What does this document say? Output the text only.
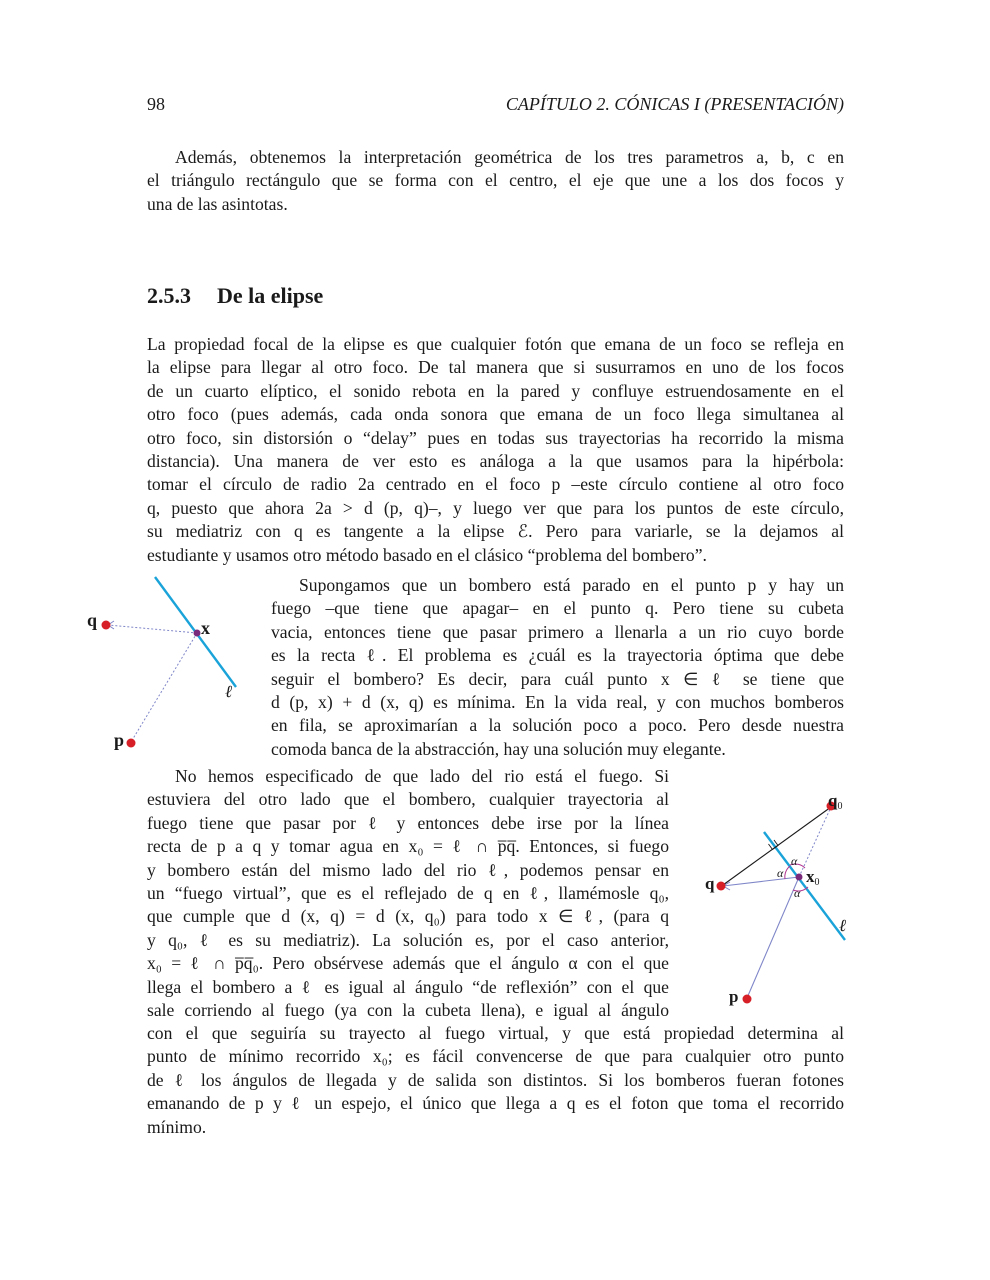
98	CAPÍTULO 2. CÓNICAS I (PRESENTACIÓN)
Además, obtenemos la interpretación geométrica de los tres parametros a, b, c en
el triángulo rectángulo que se forma con el centro, el eje que une a los dos focos y
una de las asintotas.
2.5.3 De la elipse
La propiedad focal de la elipse es que cualquier fotón que emana de un foco se refleja en
la elipse para llegar al otro foco. De tal manera que si susurramos en uno de los focos
de un cuarto elíptico, el sonido rebota en la pared y confluye estruendosamente en el
otro foco (pues además, cada onda sonora que emana de un foco llega simultanea al
otro foco, sin distorsión o “delay” pues en todas sus trayectorias ha recorrido la misma
distancia). Una manera de ver esto es análoga a la que usamos para la hipérbola:
tomar el círculo de radio 2a centrado en el foco p –este círculo contiene al otro foco
q, puesto que ahora 2a > d (p, q)–, y luego ver que para los puntos de este círculo,
su mediatriz con q es tangente a la elipse ℰ. Pero para variarle, se la dejamos al
estudiante y usamos otro método basado en el clásico “problema del bombero”.
q	x
p
ℓ
Supongamos que un bombero está parado en el punto p y hay un
fuego –que tiene que apagar– en el punto q. Pero tiene su cubeta
vacia, entonces tiene que pasar primero a llenarla a un rio cuyo borde
es la recta ℓ. El problema es ¿cuál es la trayectoria óptima que debe
seguir el bombero? Es decir, para cuál punto x ∈ ℓ se tiene que
d (p, x) + d (x, q) es mínima. En la vida real, y con muchos bomberos
en fila, se aproximarían a la solución poco a poco. Pero desde nuestra
comoda banca de la abstracción, hay una solución muy elegante.
No hemos especificado de que lado del rio está el fuego. Si
estuviera del otro lado que el bombero, cualquier trayectoria al
fuego tiene que pasar por ℓ y entonces debe irse por la línea
recta de p a q y tomar agua en x₀ = ℓ ∩ p̅q̅. Entonces, si fuego
y bombero están del mismo lado del rio ℓ, podemos pensar en
un “fuego virtual”, que es el reflejado de q en ℓ, llamémosle q₀,
que cumple que d (x, q) = d (x, q₀) para todo x ∈ ℓ, (para q
y q₀, ℓ es su mediatriz). La solución es, por el caso anterior,
x₀ = ℓ ∩ p̅q̅₀. Pero obsérvese además que el ángulo α con el que
llega el bombero a ℓ es igual al ángulo “de reflexión” con el que
sale corriendo al fuego (ya con la cubeta llena), e igual al ángulo
q0
q	x0
p
ℓ
α
α
α
con el que seguiría su trayecto al fuego virtual, y que está propiedad determina al
punto de mínimo recorrido x₀; es fácil convencerse de que para cualquier otro punto
de ℓ los ángulos de llegada y de salida son distintos. Si los bomberos fueran fotones
emanando de p y ℓ un espejo, el único que llega a q es el foton que toma el recorrido
mínimo.
